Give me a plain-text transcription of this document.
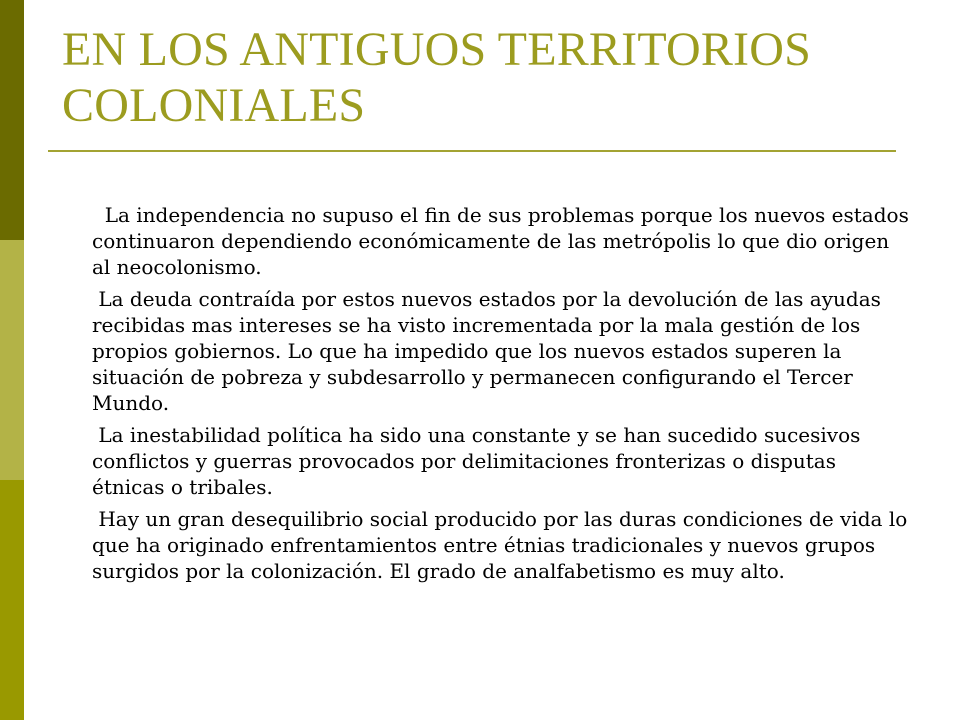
EN LOS ANTIGUOS TERRITORIOS
COLONIALES

La independencia no supuso el fin de sus problemas porque los nuevos estados continuaron dependiendo económicamente de las metrópolis lo que dio origen al neocolonismo.

La deuda contraída por estos nuevos estados por la devolución de las ayudas recibidas mas intereses se ha visto incrementada por la mala gestión de los propios gobiernos. Lo que ha impedido que los nuevos estados superen la situación de pobreza y subdesarrollo y permanecen configurando el Tercer Mundo.

La inestabilidad política ha sido una constante y se han sucedido sucesivos conflictos y guerras provocados por delimitaciones fronterizas o disputas étnicas o tribales.

Hay un gran desequilibrio social producido por las duras condiciones de vida lo que ha originado enfrentamientos entre étnias tradicionales y nuevos grupos surgidos por la colonización. El grado de analfabetismo es muy alto.
